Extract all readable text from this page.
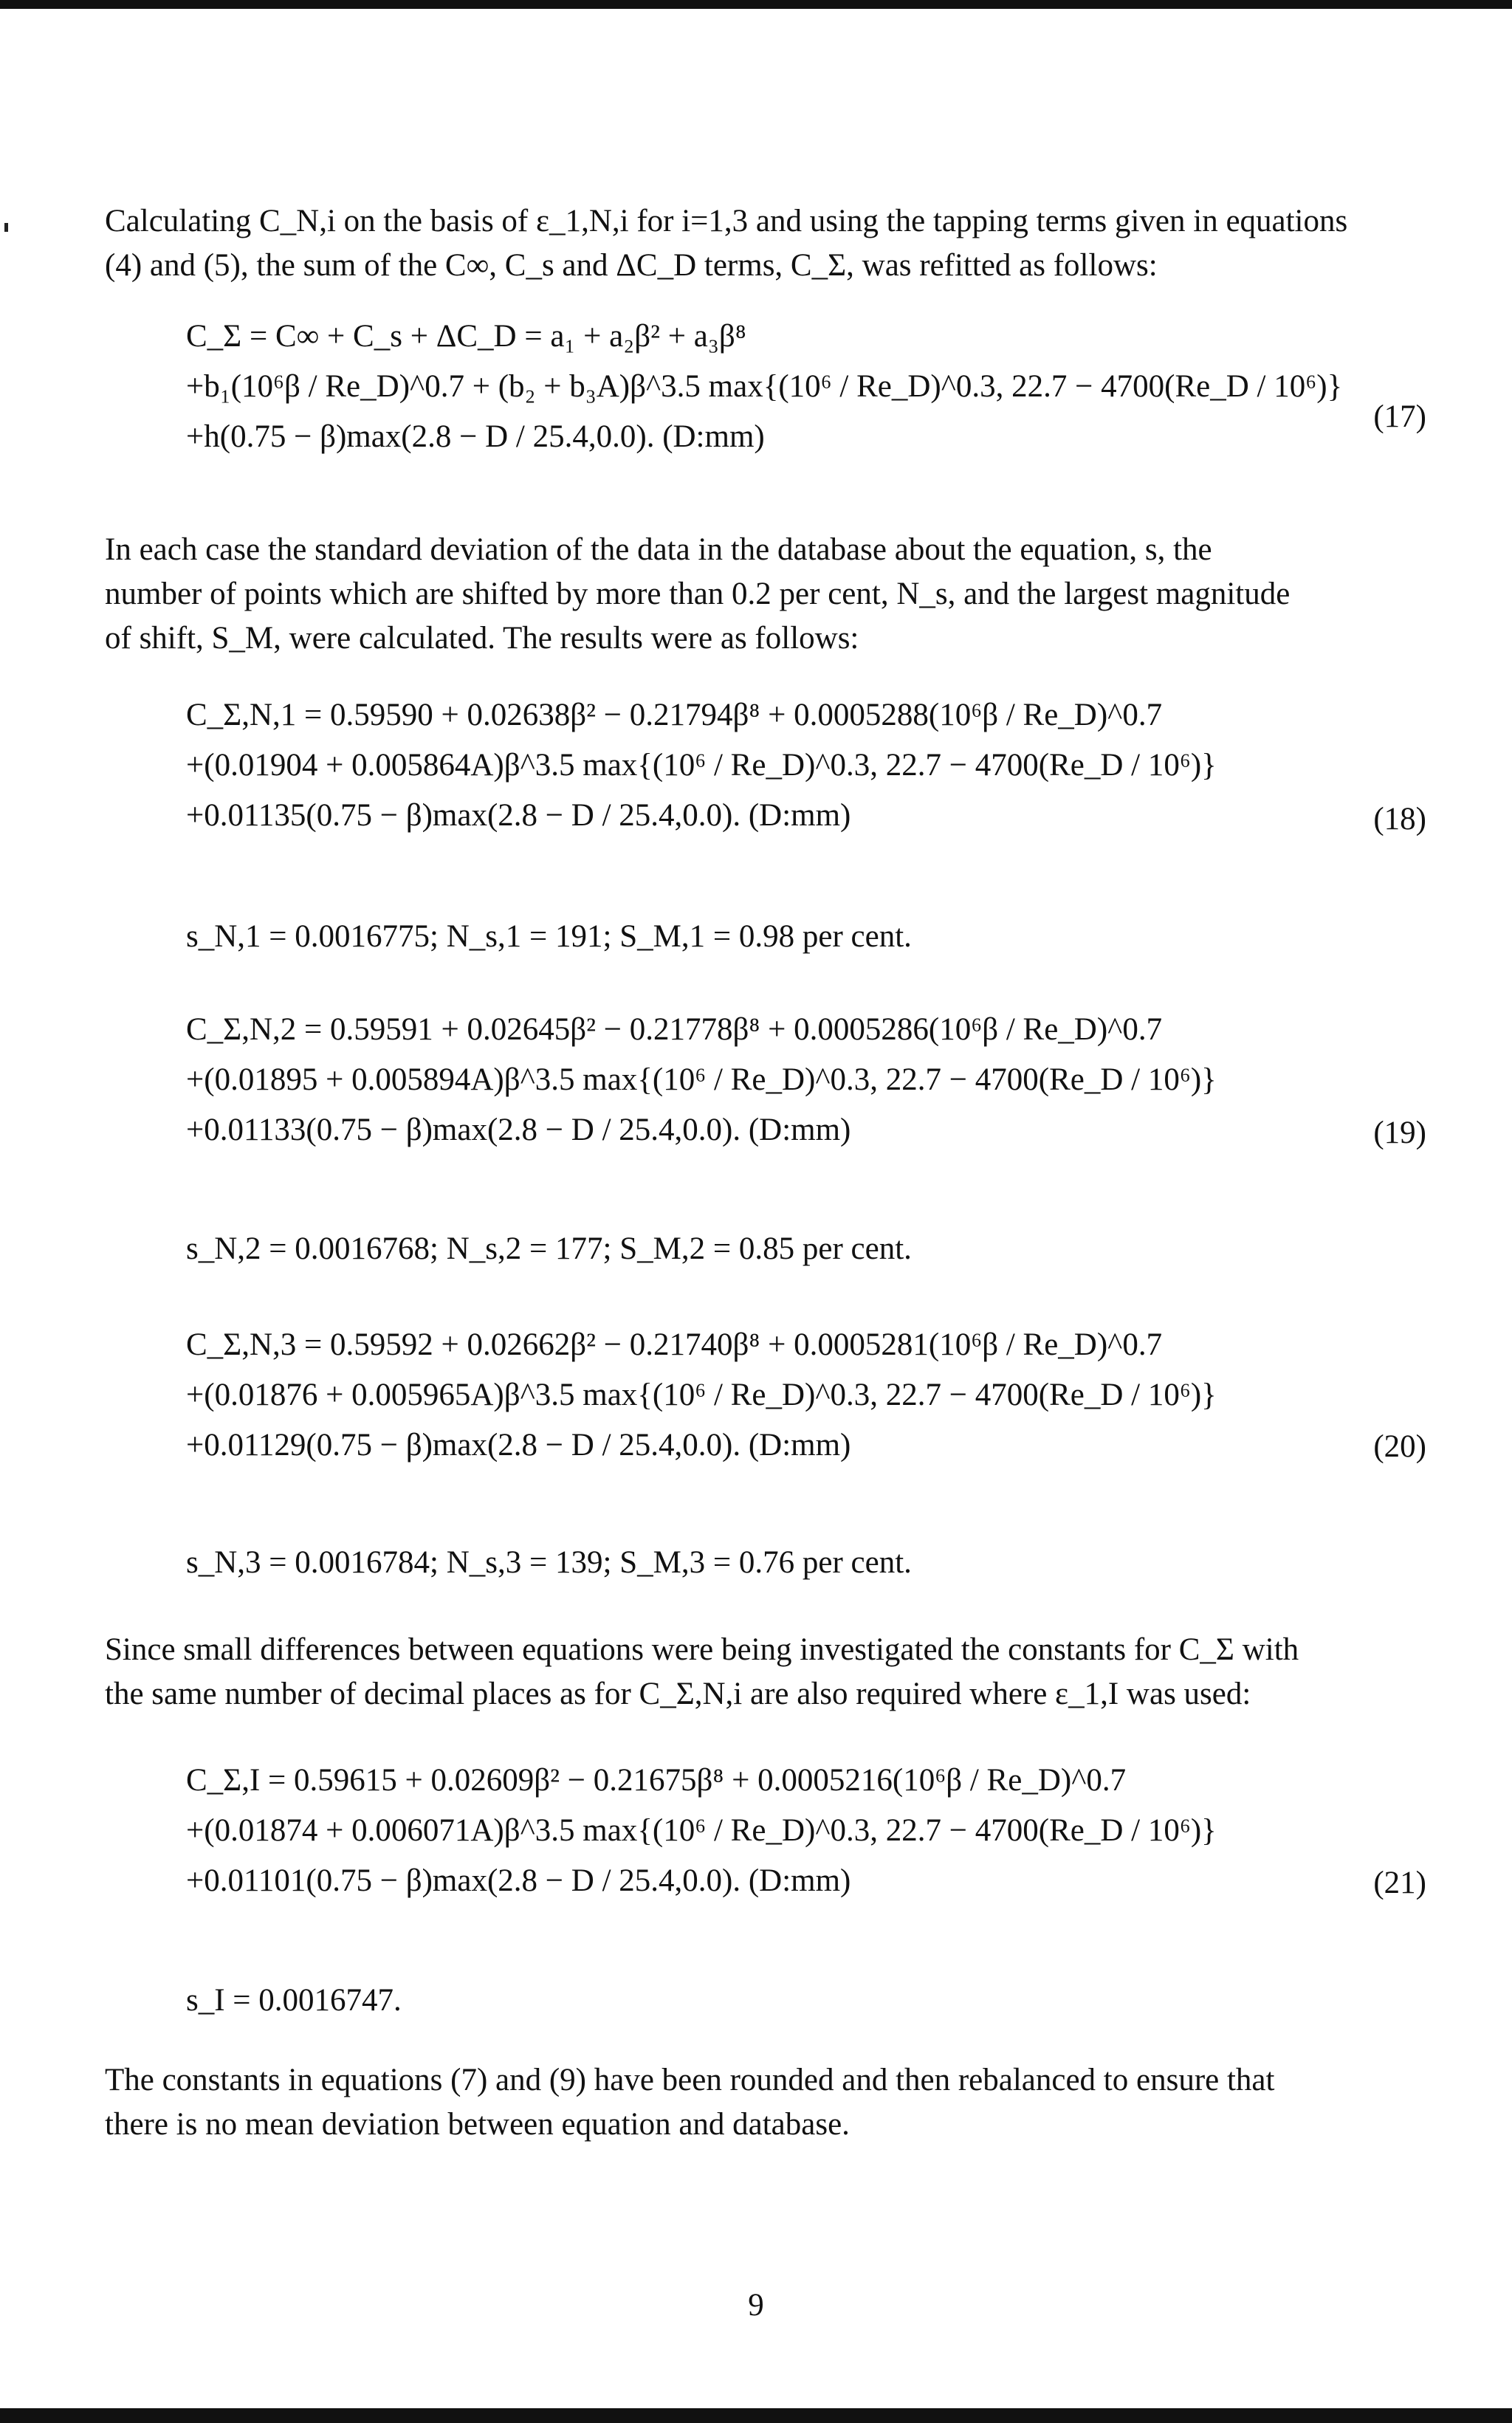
Calculating C_N,i on the basis of ε_1,N,i for i=1,3 and using the tapping terms given in equations
(4) and (5), the sum of the C∞, C_s and ΔC_D terms, C_Σ, was refitted as follows:
C_Σ = C∞ + C_s + ΔC_D = a₁ + a₂β² + a₃β⁸
+b₁(10⁶β / Re_D)^0.7 + (b₂ + b₃A)β^3.5 max{(10⁶ / Re_D)^0.3, 22.7 − 4700(Re_D / 10⁶)}
+h(0.75 − β)max(2.8 − D / 25.4,0.0). (D:mm)
(17)
In each case the standard deviation of the data in the database about the equation, s, the
number of points which are shifted by more than 0.2 per cent, N_s, and the largest magnitude
of shift, S_M, were calculated. The results were as follows:
C_Σ,N,1 = 0.59590 + 0.02638β² − 0.21794β⁸ + 0.0005288(10⁶β / Re_D)^0.7
+(0.01904 + 0.005864A)β^3.5 max{(10⁶ / Re_D)^0.3, 22.7 − 4700(Re_D / 10⁶)}
+0.01135(0.75 − β)max(2.8 − D / 25.4,0.0). (D:mm)	(18)
s_N,1 = 0.0016775; N_s,1 = 191; S_M,1 = 0.98 per cent.
C_Σ,N,2 = 0.59591 + 0.02645β² − 0.21778β⁸ + 0.0005286(10⁶β / Re_D)^0.7
+(0.01895 + 0.005894A)β^3.5 max{(10⁶ / Re_D)^0.3, 22.7 − 4700(Re_D / 10⁶)}
+0.01133(0.75 − β)max(2.8 − D / 25.4,0.0). (D:mm)	(19)
s_N,2 = 0.0016768; N_s,2 = 177; S_M,2 = 0.85 per cent.
C_Σ,N,3 = 0.59592 + 0.02662β² − 0.21740β⁸ + 0.0005281(10⁶β / Re_D)^0.7
+(0.01876 + 0.005965A)β^3.5 max{(10⁶ / Re_D)^0.3, 22.7 − 4700(Re_D / 10⁶)}
+0.01129(0.75 − β)max(2.8 − D / 25.4,0.0). (D:mm)	(20)
s_N,3 = 0.0016784; N_s,3 = 139; S_M,3 = 0.76 per cent.
Since small differences between equations were being investigated the constants for C_Σ with
the same number of decimal places as for C_Σ,N,i are also required where ε_1,I was used:
C_Σ,I = 0.59615 + 0.02609β² − 0.21675β⁸ + 0.0005216(10⁶β / Re_D)^0.7
+(0.01874 + 0.006071A)β^3.5 max{(10⁶ / Re_D)^0.3, 22.7 − 4700(Re_D / 10⁶)}
+0.01101(0.75 − β)max(2.8 − D / 25.4,0.0). (D:mm)	(21)
s_I = 0.0016747.
The constants in equations (7) and (9) have been rounded and then rebalanced to ensure that
there is no mean deviation between equation and database.
9
